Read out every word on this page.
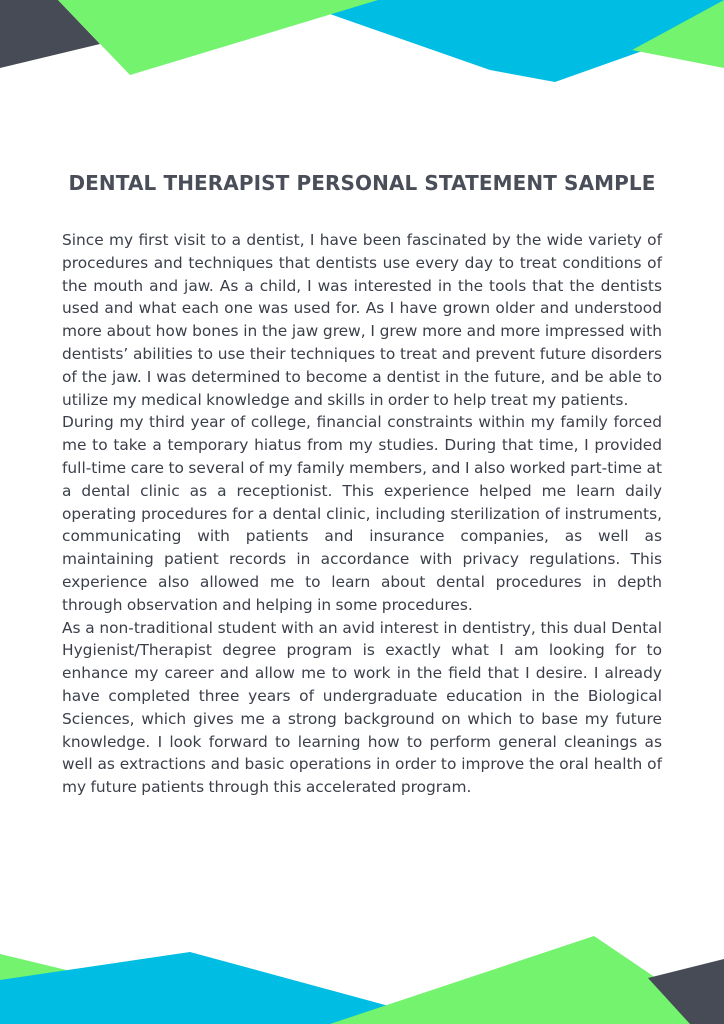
DENTAL THERAPIST PERSONAL STATEMENT SAMPLE

Since my first visit to a dentist, I have been fascinated by the wide variety of procedures and techniques that dentists use every day to treat conditions of the mouth and jaw. As a child, I was interested in the tools that the dentists used and what each one was used for. As I have grown older and understood more about how bones in the jaw grew, I grew more and more impressed with dentists’ abilities to use their techniques to treat and prevent future disorders of the jaw. I was determined to become a dentist in the future, and be able to utilize my medical knowledge and skills in order to help treat my patients.

During my third year of college, financial constraints within my family forced me to take a temporary hiatus from my studies. During that time, I provided full-time care to several of my family members, and I also worked part-time at a dental clinic as a receptionist. This experience helped me learn daily operating procedures for a dental clinic, including sterilization of instruments, communicating with patients and insurance companies, as well as maintaining patient records in accordance with privacy regulations. This experience also allowed me to learn about dental procedures in depth through observation and helping in some procedures.

As a non-traditional student with an avid interest in dentistry, this dual Dental Hygienist/Therapist degree program is exactly what I am looking for to enhance my career and allow me to work in the field that I desire. I already have completed three years of undergraduate education in the Biological Sciences, which gives me a strong background on which to base my future knowledge. I look forward to learning how to perform general cleanings as well as extractions and basic operations in order to improve the oral health of my future patients through this accelerated program.
